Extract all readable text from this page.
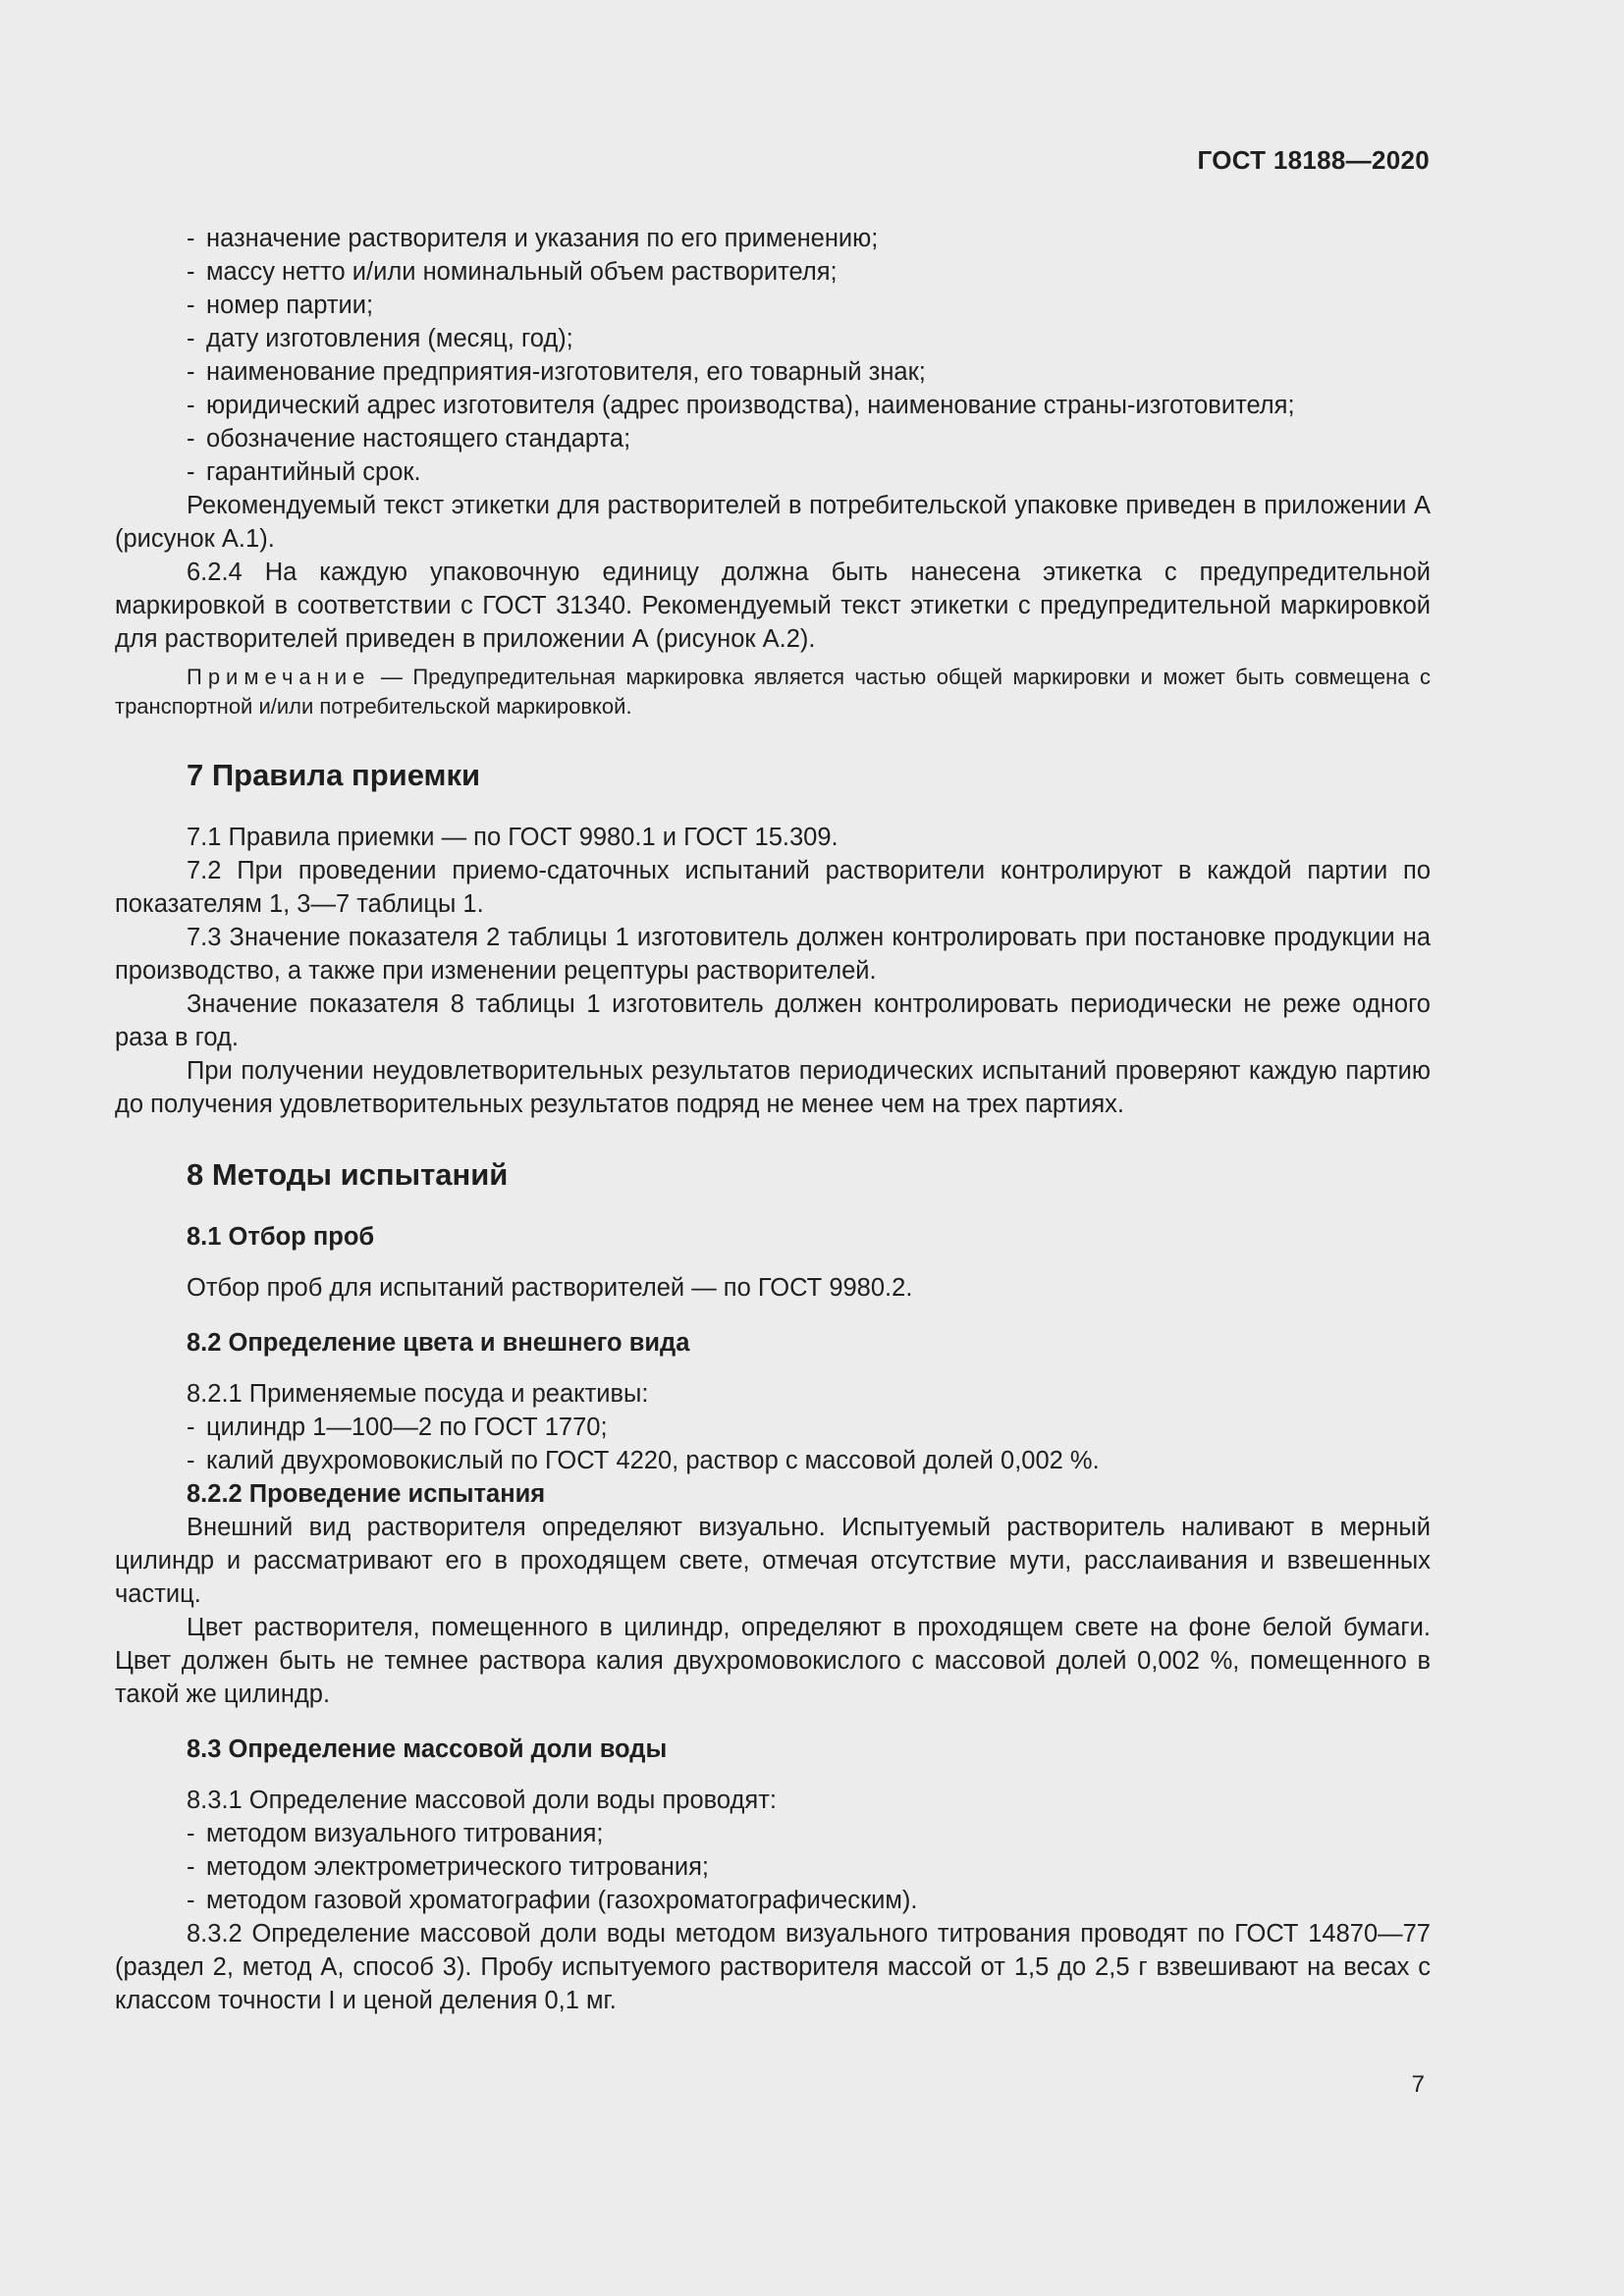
ГОСТ 18188—2020

- назначение растворителя и указания по его применению;

- массу нетто и/или номинальный объем растворителя;

- номер партии;

- дату изготовления (месяц, год);

- наименование предприятия-изготовителя, его товарный знак;

- юридический адрес изготовителя (адрес производства), наименование страны-изготовителя;

- обозначение настоящего стандарта;

- гарантийный срок.

Рекомендуемый текст этикетки для растворителей в потребительской упаковке приведен в приложении А (рисунок А.1).

6.2.4 На каждую упаковочную единицу должна быть нанесена этикетка с предупредительной маркировкой в соответствии с ГОСТ 31340. Рекомендуемый текст этикетки с предупредительной маркировкой для растворителей приведен в приложении А (рисунок А.2).

Примечание — Предупредительная маркировка является частью общей маркировки и может быть совмещена с транспортной и/или потребительской маркировкой.

7 Правила приемки

7.1 Правила приемки — по ГОСТ 9980.1 и ГОСТ 15.309.

7.2 При проведении приемо-сдаточных испытаний растворители контролируют в каждой партии по показателям 1, 3—7 таблицы 1.

7.3 Значение показателя 2 таблицы 1 изготовитель должен контролировать при постановке продукции на производство, а также при изменении рецептуры растворителей.

Значение показателя 8 таблицы 1 изготовитель должен контролировать периодически не реже одного раза в год.

При получении неудовлетворительных результатов периодических испытаний проверяют каждую партию до получения удовлетворительных результатов подряд не менее чем на трех партиях.

8 Методы испытаний
8.1 Отбор проб

Отбор проб для испытаний растворителей — по ГОСТ 9980.2.

8.2 Определение цвета и внешнего вида

8.2.1 Применяемые посуда и реактивы:

- цилиндр 1—100—2 по ГОСТ 1770;

- калий двухромовокислый по ГОСТ 4220, раствор с массовой долей 0,002 %.

8.2.2 Проведение испытания

Внешний вид растворителя определяют визуально. Испытуемый растворитель наливают в мерный цилиндр и рассматривают его в проходящем свете, отмечая отсутствие мути, расслаивания и взвешенных частиц.

Цвет растворителя, помещенного в цилиндр, определяют в проходящем свете на фоне белой бумаги. Цвет должен быть не темнее раствора калия двухромовокислого с массовой долей 0,002 %, помещенного в такой же цилиндр.

8.3 Определение массовой доли воды

8.3.1 Определение массовой доли воды проводят:

- методом визуального титрования;

- методом электрометрического титрования;

- методом газовой хроматографии (газохроматографическим).

8.3.2 Определение массовой доли воды методом визуального титрования проводят по ГОСТ 14870—77 (раздел 2, метод А, способ 3). Пробу испытуемого растворителя массой от 1,5 до 2,5 г взвешивают на весах с классом точности I и ценой деления 0,1 мг.

7
